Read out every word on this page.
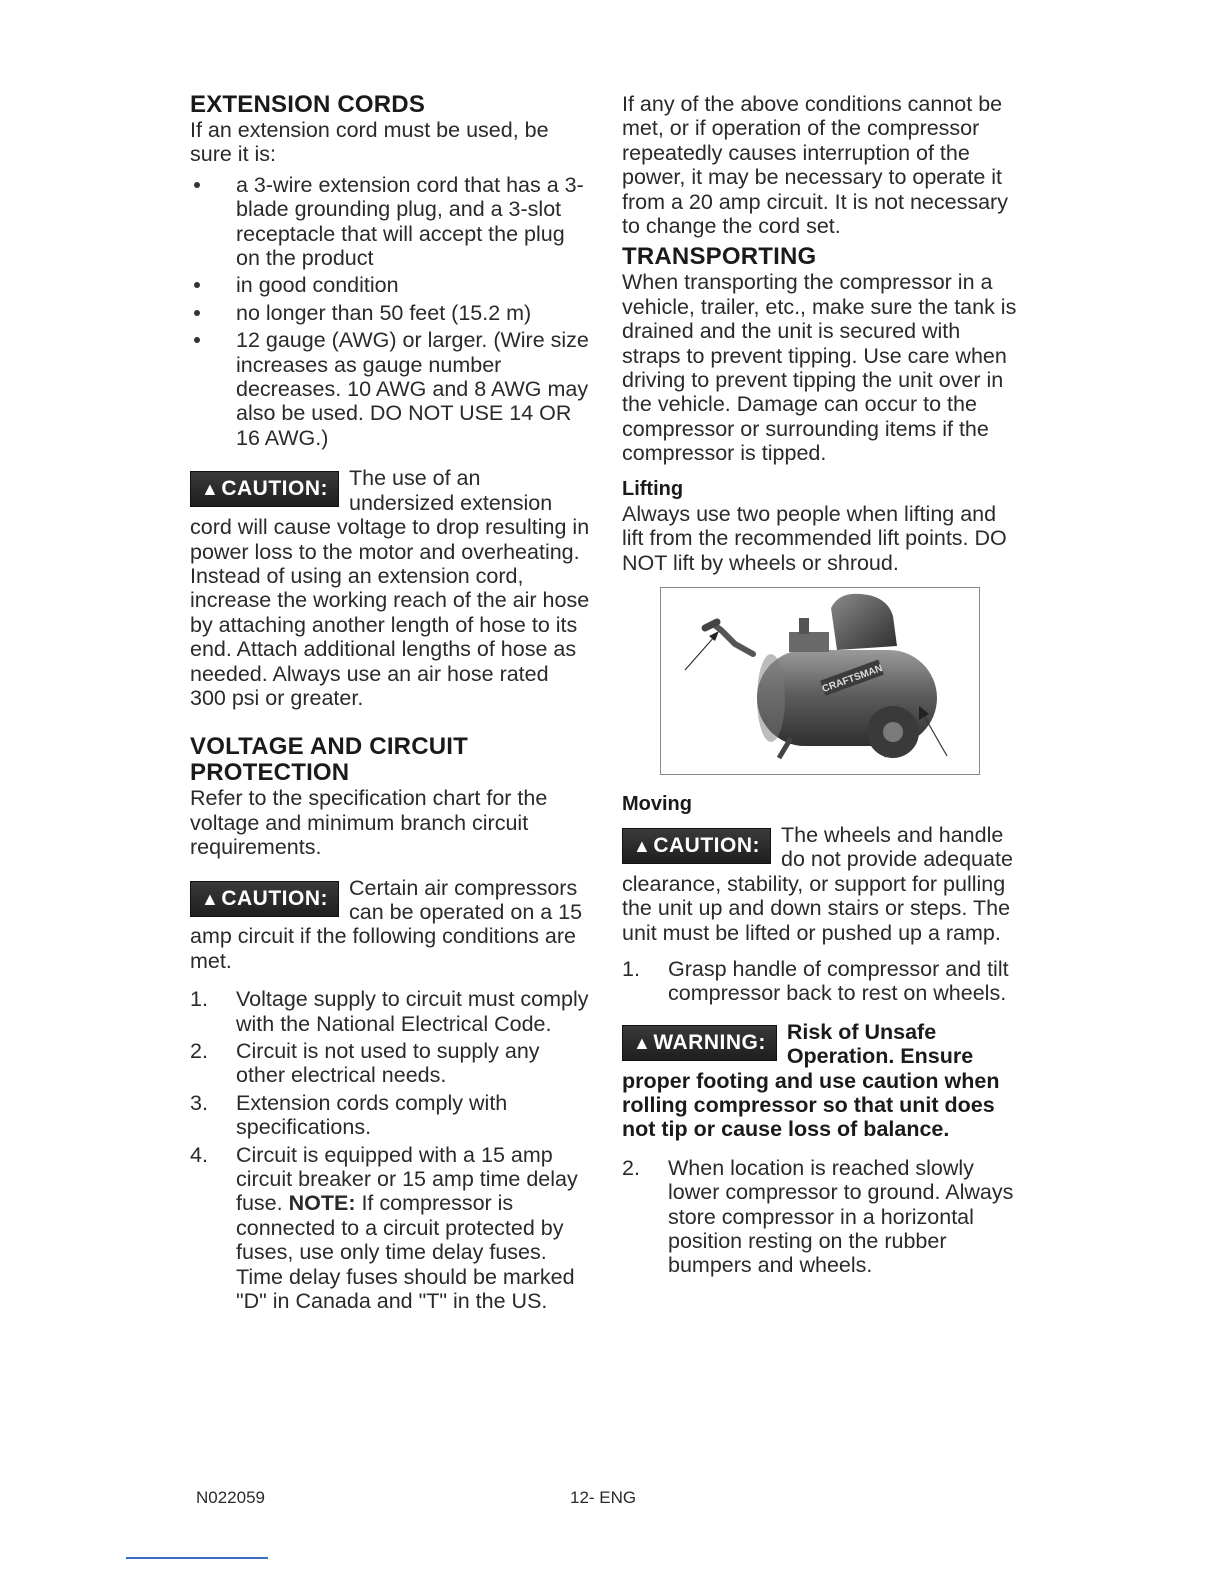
EXTENSION CORDS

If an extension cord must be used, be sure it is:

a 3-wire extension cord that has a 3-blade grounding plug, and a 3-slot receptacle that will accept the plug on the product
in good condition
no longer than 50 feet (15.2 m)
12 gauge (AWG) or larger. (Wire size increases as gauge number decreases. 10 AWG and 8 AWG may also be used. DO NOT USE 14 OR 16 AWG.)
▲CAUTION: The use of an undersized extension cord will cause voltage to drop resulting in power loss to the motor and overheating. Instead of using an extension cord, increase the working reach of the air hose by attaching another length of hose to its end. Attach additional lengths of hose as needed. Always use an air hose rated 300 psi or greater.
VOLTAGE AND CIRCUIT PROTECTION

Refer to the specification chart for the voltage and minimum branch circuit requirements.

▲CAUTION: Certain air compressors can be operated on a 15 amp circuit if the following conditions are met.
1. Voltage supply to circuit must comply with the National Electrical Code.
2. Circuit is not used to supply any other electrical needs.
3. Extension cords comply with specifications.
4. Circuit is equipped with a 15 amp circuit breaker or 15 amp time delay fuse. NOTE: If compressor is connected to a circuit protected by fuses, use only time delay fuses. Time delay fuses should be marked "D" in Canada and "T" in the US.

If any of the above conditions cannot be met, or if operation of the compressor repeatedly causes interruption of the power, it may be necessary to operate it from a 20 amp circuit. It is not necessary to change the cord set.

TRANSPORTING

When transporting the compressor in a vehicle, trailer, etc., make sure the tank is drained and the unit is secured with straps to prevent tipping. Use care when driving to prevent tipping the unit over in the vehicle. Damage can occur to the compressor or surrounding items if the compressor is tipped.

Lifting

Always use two people when lifting and lift from the recommended lift points. DO NOT lift by wheels or shroud.

CRAFTSMAN
Moving
▲CAUTION: The wheels and handle do not provide adequate clearance, stability, or support for pulling the unit up and down stairs or steps. The unit must be lifted or pushed up a ramp.
1. Grasp handle of compressor and tilt compressor back to rest on wheels.
▲WARNING: Risk of Unsafe Operation. Ensure proper footing and use caution when rolling compressor so that unit does not tip or cause loss of balance.
2. When location is reached slowly lower compressor to ground. Always store compressor in a horizontal position resting on the rubber bumpers and wheels.
N022059	12- ENG
